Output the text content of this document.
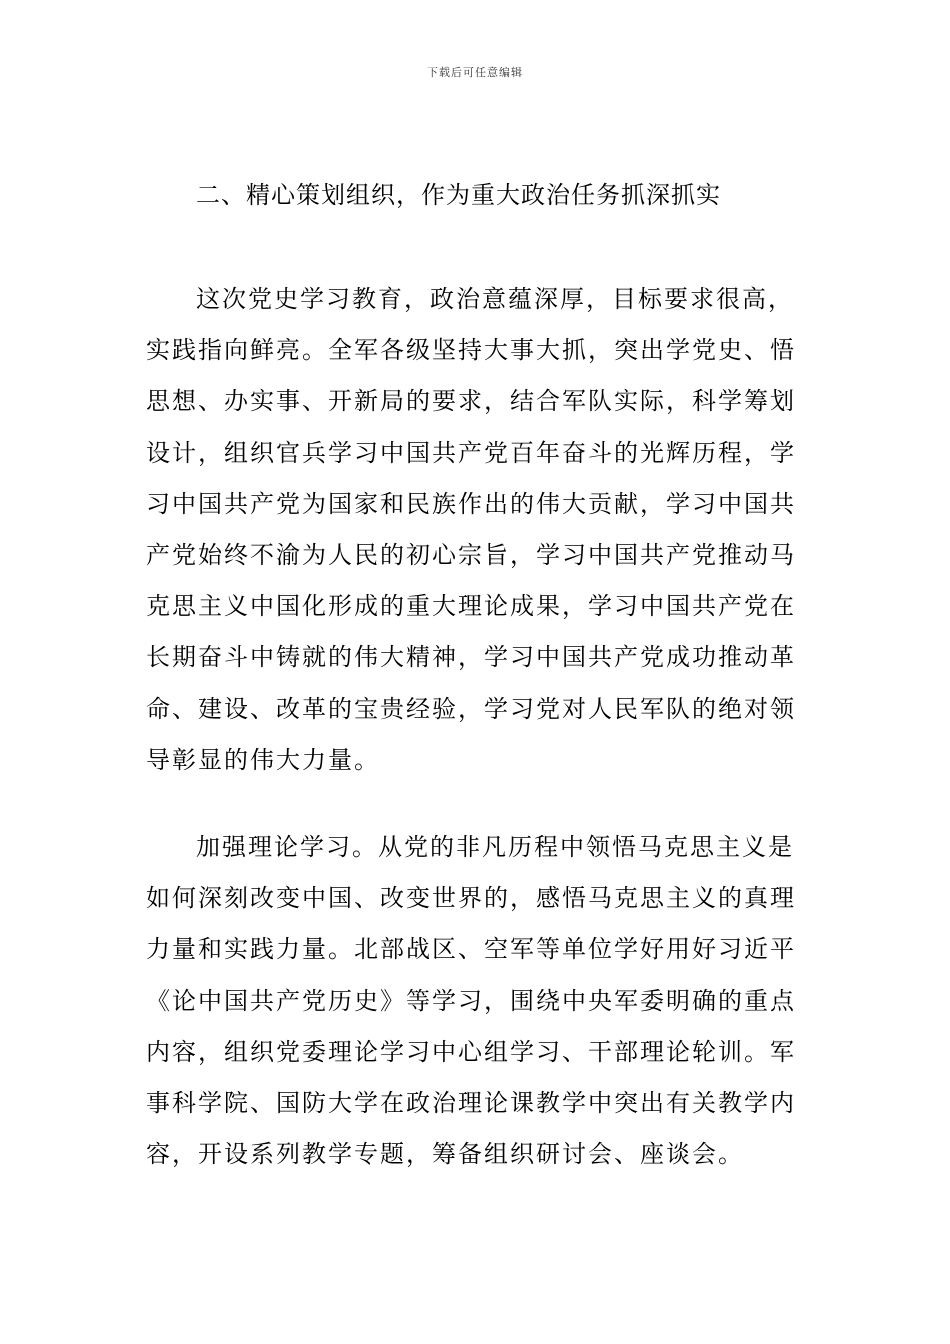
下载后可任意编辑
二、精心策划组织，作为重大政治任务抓深抓实
这次党史学习教育，政治意蕴深厚，目标要求很高，
实践指向鲜亮。全军各级坚持大事大抓，突出学党史、悟
思想、办实事、开新局的要求，结合军队实际，科学筹划
设计，组织官兵学习中国共产党百年奋斗的光辉历程，学
习中国共产党为国家和民族作出的伟大贡献，学习中国共
产党始终不渝为人民的初心宗旨，学习中国共产党推动马
克思主义中国化形成的重大理论成果，学习中国共产党在
长期奋斗中铸就的伟大精神，学习中国共产党成功推动革
命、建设、改革的宝贵经验，学习党对人民军队的绝对领
导彰显的伟大力量。
加强理论学习。从党的非凡历程中领悟马克思主义是
如何深刻改变中国、改变世界的，感悟马克思主义的真理
力量和实践力量。北部战区、空军等单位学好用好习近平
《论中国共产党历史》等学习，围绕中央军委明确的重点
内容，组织党委理论学习中心组学习、干部理论轮训。军
事科学院、国防大学在政治理论课教学中突出有关教学内
容，开设系列教学专题，筹备组织研讨会、座谈会。
